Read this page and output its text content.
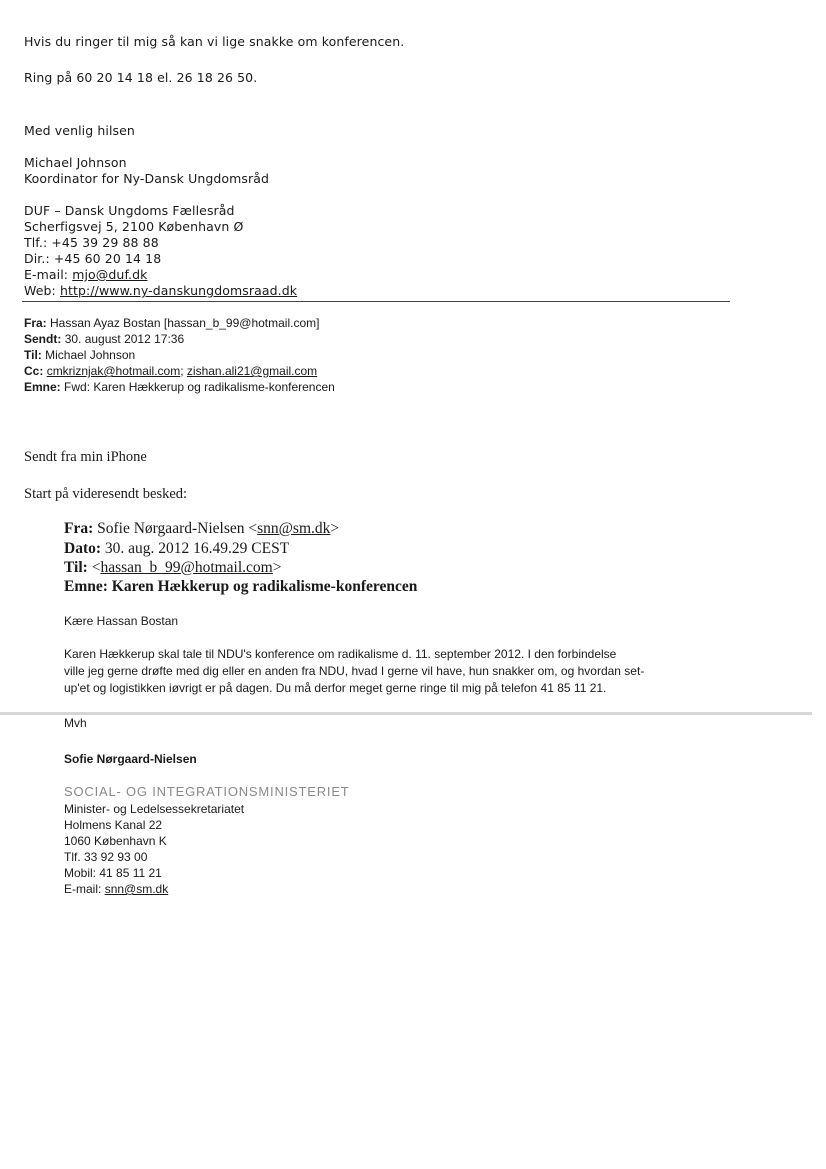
Hvis du ringer til mig så kan vi lige snakke om konferencen.
Ring på 60 20 14 18 el. 26 18 26 50.
Med venlig hilsen
Michael Johnson
Koordinator for Ny-Dansk Ungdomsråd
DUF – Dansk Ungdoms Fællesråd
Scherfigsvej 5, 2100 København Ø
Tlf.: +45 39 29 88 88
Dir.: +45 60 20 14 18
E-mail: mjo@duf.dk
Web: http://www.ny-danskungdomsraad.dk
Fra: Hassan Ayaz Bostan [hassan_b_99@hotmail.com]
Sendt: 30. august 2012 17:36
Til: Michael Johnson
Cc: cmkriznjak@hotmail.com; zishan.ali21@gmail.com
Emne: Fwd: Karen Hækkerup og radikalisme-konferencen
Sendt fra min iPhone
Start på videresendt besked:
Fra: Sofie Nørgaard-Nielsen <snn@sm.dk>
Dato: 30. aug. 2012 16.49.29 CEST
Til: <hassan_b_99@hotmail.com>
Emne: Karen Hækkerup og radikalisme-konferencen
Kære Hassan Bostan
Karen Hækkerup skal tale til NDU's konference om radikalisme d. 11. september 2012. I den forbindelse
ville jeg gerne drøfte med dig eller en anden fra NDU, hvad I gerne vil have, hun snakker om, og hvordan set-
up'et og logistikken iøvrigt er på dagen. Du må derfor meget gerne ringe til mig på telefon 41 85 11 21.
Mvh
Sofie Nørgaard-Nielsen
SOCIAL- OG INTEGRATIONSMINISTERIET
Minister- og Ledelsessekretariatet
Holmens Kanal 22
1060 København K
Tlf. 33 92 93 00
Mobil: 41 85 11 21
E-mail: snn@sm.dk
